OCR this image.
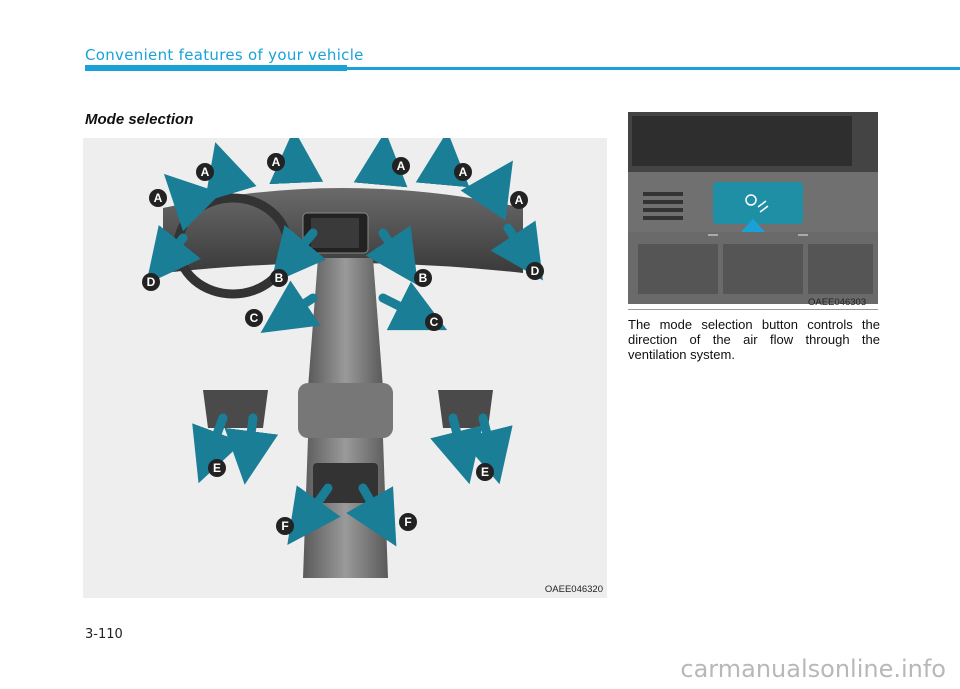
Convenient features of your vehicle
Mode selection
A
A	A	A
A	A
B	B
C	C
D
D
E	E
F	F
OAEE046320
OAEE046303
The mode selection button controls the direction of the air flow through the ventilation system.
3-110
carmanualsonline.info
